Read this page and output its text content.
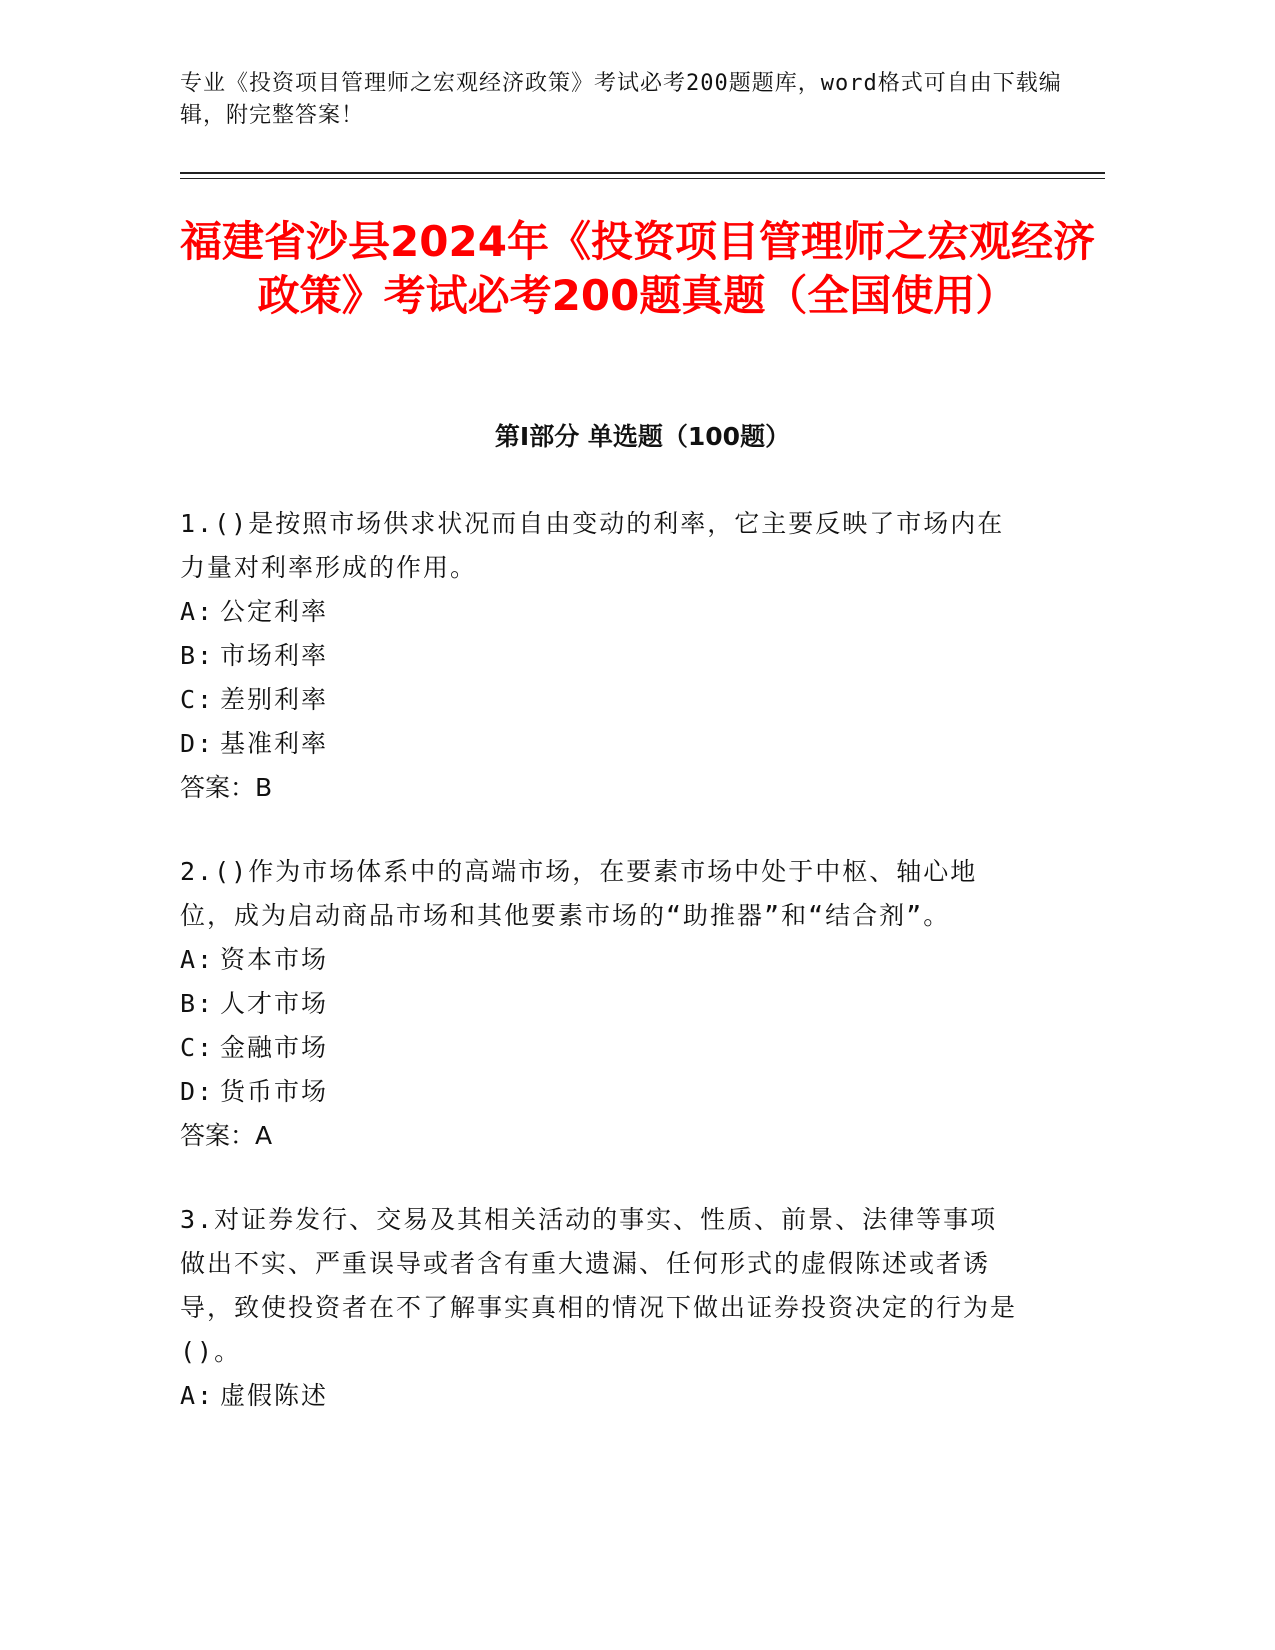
专业《投资项目管理师之宏观经济政策》考试必考200题题库，word格式可自由下载编辑，附完整答案！
福建省沙县2024年《投资项目管理师之宏观经济政策》考试必考200题真题（全国使用）
第I部分 单选题（100题）
1.()是按照市场供求状况而自由变动的利率，它主要反映了市场内在力量对利率形成的作用。
A: 公定利率
B: 市场利率
C: 差别利率
D: 基准利率
答案：B
2.()作为市场体系中的高端市场，在要素市场中处于中枢、轴心地位，成为启动商品市场和其他要素市场的“助推器”和“结合剂”。
A: 资本市场
B: 人才市场
C: 金融市场
D: 货币市场
答案：A
3.对证券发行、交易及其相关活动的事实、性质、前景、法律等事项做出不实、严重误导或者含有重大遗漏、任何形式的虚假陈述或者诱导，致使投资者在不了解事实真相的情况下做出证券投资决定的行为是()。
A: 虚假陈述
